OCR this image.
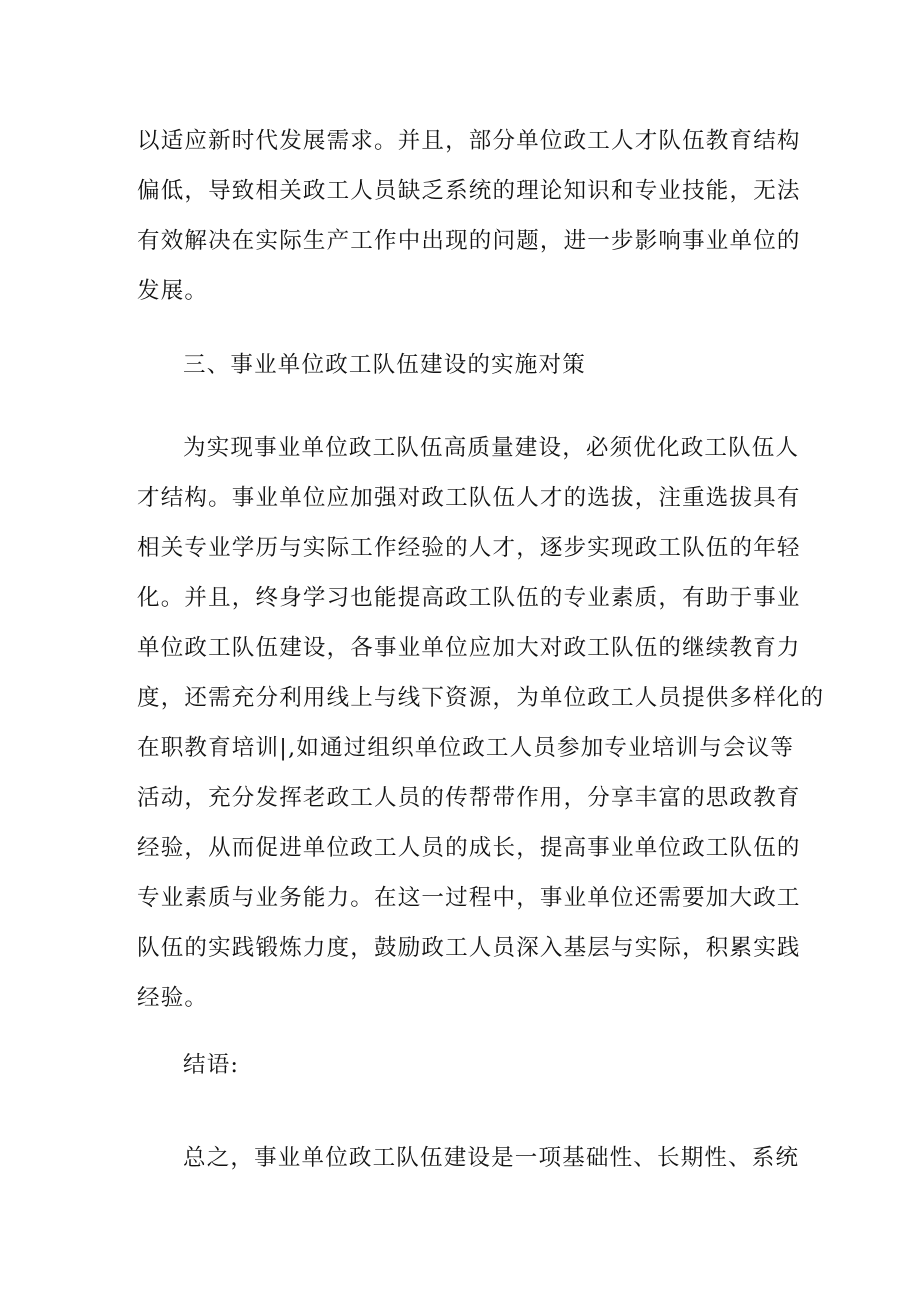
以适应新时代发展需求。并且，部分单位政工人才队伍教育结构
偏低，导致相关政工人员缺乏系统的理论知识和专业技能，无法
有效解决在实际生产工作中出现的问题，进一步影响事业单位的
发展。
三、事业单位政工队伍建设的实施对策
为实现事业单位政工队伍高质量建设，必须优化政工队伍人
才结构。事业单位应加强对政工队伍人才的选拔，注重选拔具有
相关专业学历与实际工作经验的人才，逐步实现政工队伍的年轻
化。并且，终身学习也能提高政工队伍的专业素质，有助于事业
单位政工队伍建设，各事业单位应加大对政工队伍的继续教育力
度，还需充分利用线上与线下资源，为单位政工人员提供多样化的
在职教育培训|,如通过组织单位政工人员参加专业培训与会议等
活动，充分发挥老政工人员的传帮带作用，分享丰富的思政教育
经验，从而促进单位政工人员的成长，提高事业单位政工队伍的
专业素质与业务能力。在这一过程中，事业单位还需要加大政工
队伍的实践锻炼力度，鼓励政工人员深入基层与实际，积累实践
经验。
结语:
总之，事业单位政工队伍建设是一项基础性、长期性、系统
